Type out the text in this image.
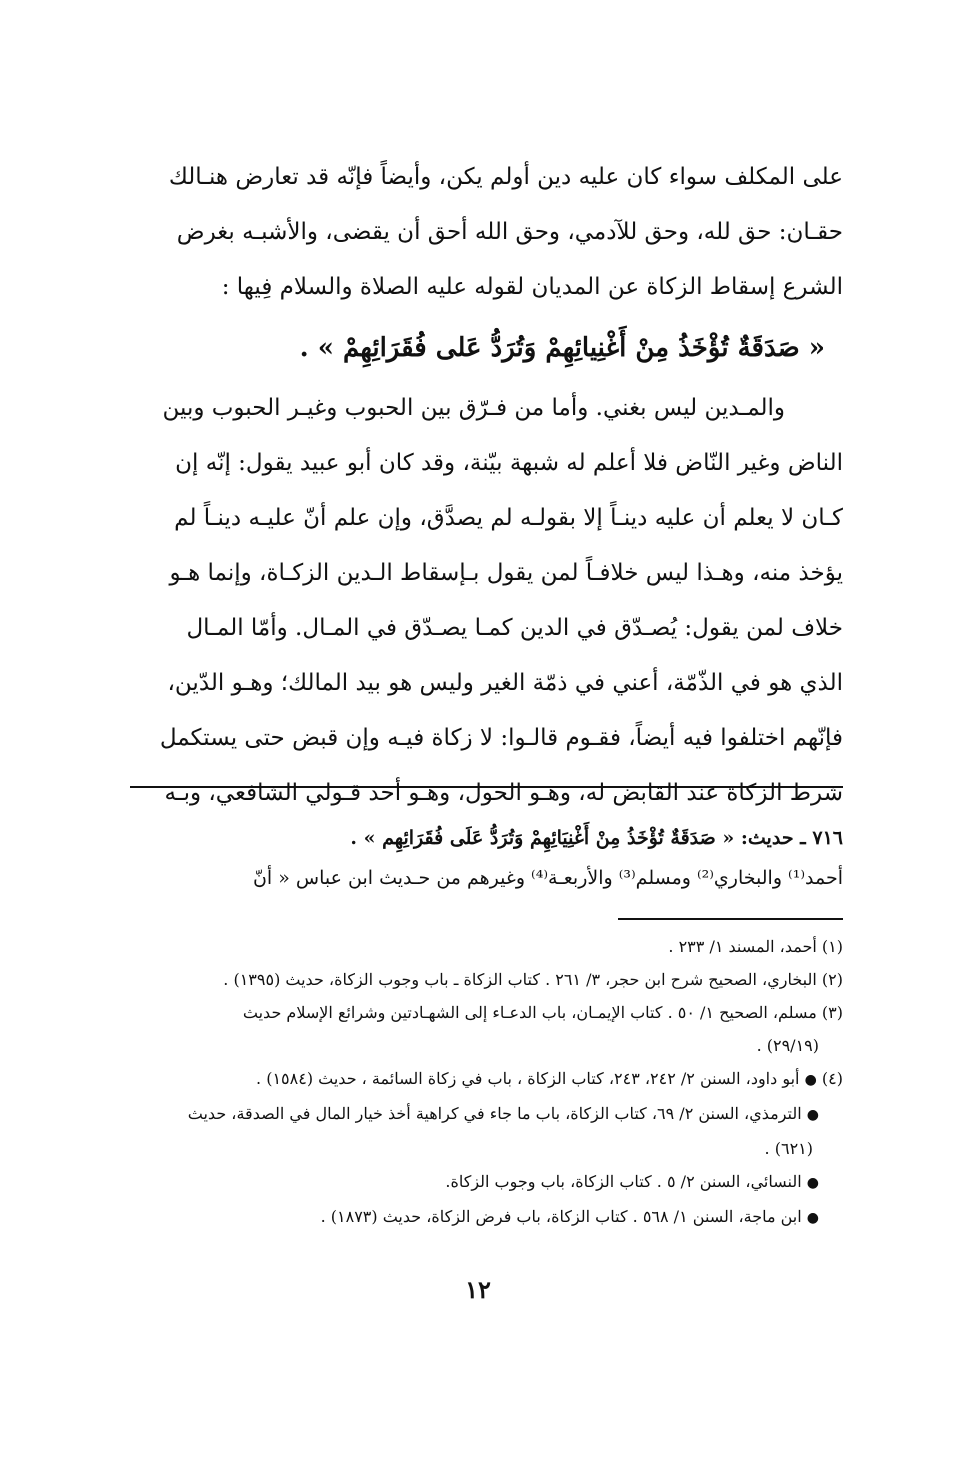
على المكلف سواء كان عليه دين أولم يكن، وأيضاً فإنّه قد تعارض هنـالك
حقـان: حق لله، وحق للآدمي، وحق الله أحق أن يقضى، والأشبـه بغرض
الشرع إسقاط الزكاة عن المديان لقوله عليه الصلاة والسلام فِيها :

« صَدَقَةٌ تُؤْخَذُ مِنْ أَغْنِيائِهِمْ وَتُرَدُّ عَلى فُقَرَائِهِمْ » .

والمـدين ليس بغني. وأما من فـرّق بين الحبوب وغيـر الحبوب وبين
الناض وغير النّاض فلا أعلم له شبهة بيّنة، وقد كان أبو عبيد يقول: إنّه إن
كـان لا يعلم أن عليه دينـاً إلا بقولـه لم يصدَّق، وإن علم أنّ عليـه دينـاً لم
يؤخذ منه، وهـذا ليس خلافـاً لمن يقول بـإسقاط الـدين الزكـاة، وإنما هـو
خلاف لمن يقول: يُصـدّق في الدين كمـا يصـدّق في المـال. وأمّا المـال
الذي هو في الذّمّة، أعني في ذمّة الغير وليس هو بيد المالك؛ وهـو الدّين،
فإنّهم اختلفوا فيه أيضاً، فقـوم قالـوا: لا زكاة فيـه وإن قبض حتى يستكمل
شرط الزكاة عند القابض له، وهـو الحول، وهـو أحد قـولي الشافعي، وبـه

٧١٦ ـ حديث: « صَدَقَةٌ تُؤْخَذُ مِنْ أَغْنِيَائِهِمْ وَتُرَدُّ عَلَى فُقَرَائِهِم » .
أحمد⁽¹⁾ والبخاري⁽²⁾ ومسلم⁽³⁾ والأربعـة⁽⁴⁾ وغيرهم من حـديث ابن عباس « أنّ
(١) أحمد، المسند ١/ ٢٣٣ .
(٢) البخاري، الصحيح شرح ابن حجر، ٣/ ٢٦١ . كتاب الزكاة ـ باب وجوب الزكاة، حديث (١٣٩٥) .
(٣) مسلم، الصحيح ١/ ٥٠ . كتاب الإيمـان، باب الدعـاء إلى الشهـادتين وشرائع الإسلام حديث
(٢٩/١٩) .
(٤) ● أبو داود، السنن ٢/ ٢٤٢، ٢٤٣، كتاب الزكاة ، باب في زكاة السائمة ، حديث (١٥٨٤) .
● الترمذي، السنن ٢/ ٦٩، كتاب الزكاة، باب ما جاء في كراهية أخذ خيار المال في الصدقة، حديث
(٦٢١) .
● النسائي، السنن ٢/ ٥ . كتاب الزكاة، باب وجوب الزكاة.
● ابن ماجة، السنن ١/ ٥٦٨ . كتاب الزكاة، باب فرض الزكاة، حديث (١٨٧٣) .
١٢
